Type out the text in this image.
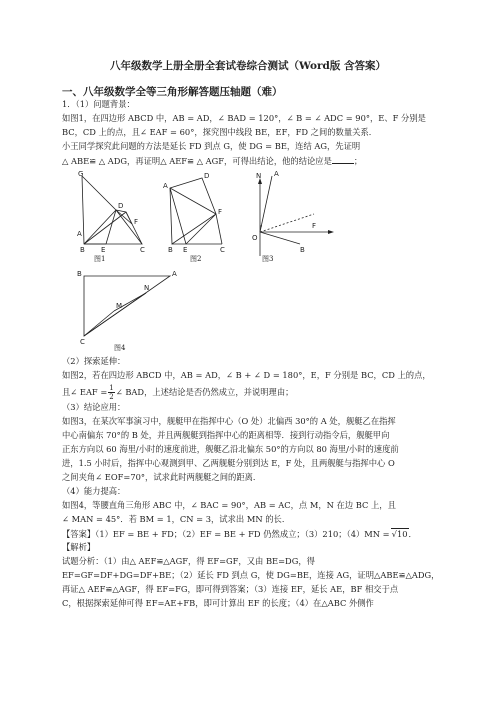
八年级数学上册全册全套试卷综合测试（Word版 含答案）
一、八年级数学全等三角形解答题压轴题（难）
1．（1）问题背景：
如图1，在四边形 ABCD 中，AB = AD，∠ BAD = 120°，∠ B = ∠ ADC = 90°，E、F 分别是
BC，CD 上的点，且∠ EAF = 60°，探究图中线段 BE，EF，FD 之间的数量关系．
小王同学探究此问题的方法是延长 FD 到点 G，使 DG = BE，连结 AG，先证明
△ ABE≌ △ ADG，再证明△ AEF≌ △ AGF，可得出结论，他的结论应是	；
G
A
D
F
B E	C
图1
A
D
F
B E	C
图2
N A
F
O
B
图3
B	A
M
N
C
图4
（2）探索延伸：
如图2，若在四边形 ABCD 中，AB = AD，∠ B + ∠ D = 180°，E，F 分别是 BC，CD 上的点，
且∠ EAF = $\frac{1}{2}$ ∠ BAD，上述结论是否仍然成立，并说明理由；
（3）结论应用：
如图3，在某次军事演习中，舰艇甲在指挥中心（O 处）北偏西 30°的 A 处，舰艇乙在指挥
中心南偏东 70°的 B 处，并且两舰艇到指挥中心的距离相等．接到行动指令后，舰艇甲向
正东方向以 60 海里/小时的速度前进，舰艇乙沿北偏东 50°的方向以 80 海里/小时的速度前
进，1.5 小时后，指挥中心观测到甲、乙两舰艇分别到达 E，F 处，且两舰艇与指挥中心 O
之间夹角∠ EOF=70°，试求此时两舰艇之间的距离．
（4）能力提高：
如图4，等腰直角三角形 ABC 中，∠ BAC = 90°，AB = AC，点 M，N 在边 BC 上，且
∠ MAN = 45°．若 BM = 1，CN = 3，试求出 MN 的长．
【答案】（1）EF = BE + FD；（2）EF = BE + FD 仍然成立；（3）210；（4）MN = √10．
【解析】
试题分析：（1）由△ AEF≌△AGF，得 EF=GF，又由 BE=DG，得
EF=GF=DF+DG=DF+BE；（2）延长 FD 到点 G，使 DG=BE，连接 AG，证明△ABE≌△ADG，
再证△ AEF≌△AGF，得 EF=FG，即可得到答案；（3）连接 EF，延长 AE，BF 相交于点
C，根据探索延伸可得 EF=AE+FB，即可计算出 EF 的长度；（4）在△ABC 外侧作
